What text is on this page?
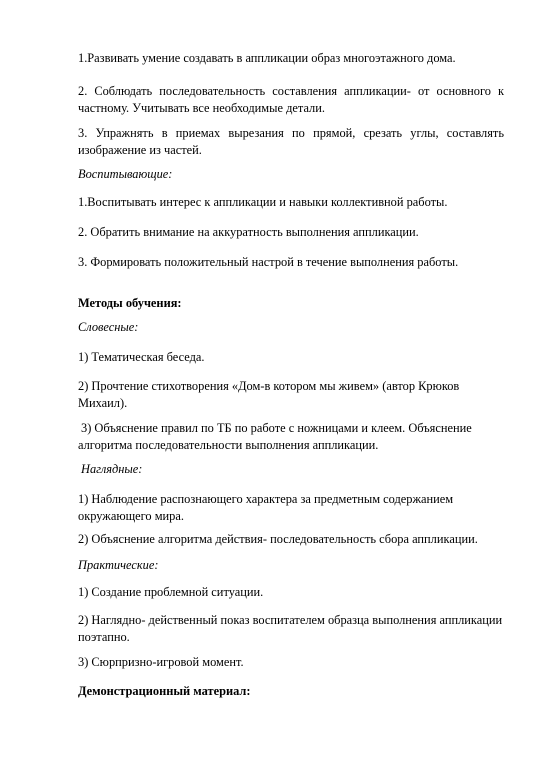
1.Развивать умение создавать в аппликации образ многоэтажного дома.

2. Соблюдать последовательность составления аппликации- от основного к частному. Учитывать все необходимые детали.

3. Упражнять в приемах вырезания по прямой, срезать углы, составлять изображение из частей.

Воспитывающие:

1.Воспитывать интерес к аппликации и навыки коллективной работы.

2. Обратить внимание на аккуратность выполнения аппликации.

3. Формировать положительный настрой в течение выполнения работы.

Методы обучения:

Словесные:

1) Тематическая беседа.

2) Прочтение стихотворения «Дом-в котором мы живем» (автор Крюков Михаил).

3) Объяснение правил по ТБ по работе с ножницами и клеем. Объяснение алгоритма последовательности выполнения аппликации.

Наглядные:

1) Наблюдение распознающего характера за предметным содержанием окружающего мира.

2) Объяснение алгоритма действия- последовательность сбора аппликации.

Практические:

1) Создание проблемной ситуации.

2) Наглядно- действенный показ воспитателем образца выполнения аппликации поэтапно.

3) Сюрпризно-игровой момент.

Демонстрационный материал:
